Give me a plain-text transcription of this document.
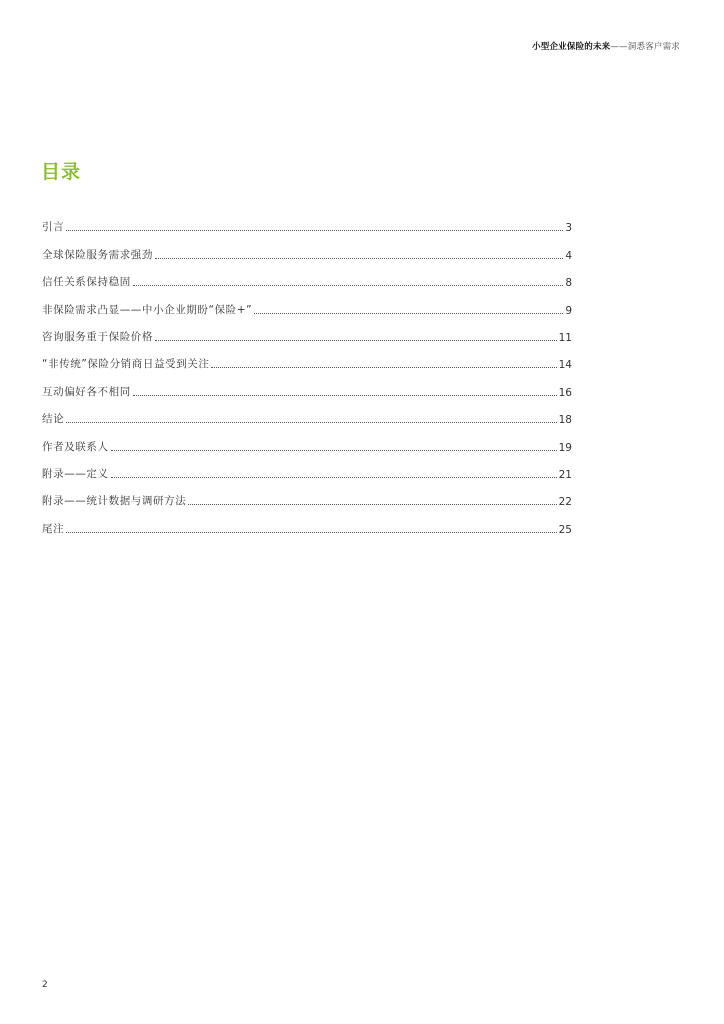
小型企业保险的未来——洞悉客户需求
目录
引言	3
全球保险服务需求强劲	4
信任关系保持稳固	8
非保险需求凸显——中小企业期盼“保险+”	9
咨询服务重于保险价格	11
“非传统”保险分销商日益受到关注	14
互动偏好各不相同	16
结论	18
作者及联系人	19
附录——定义	21
附录——统计数据与调研方法	22
尾注	25
2
